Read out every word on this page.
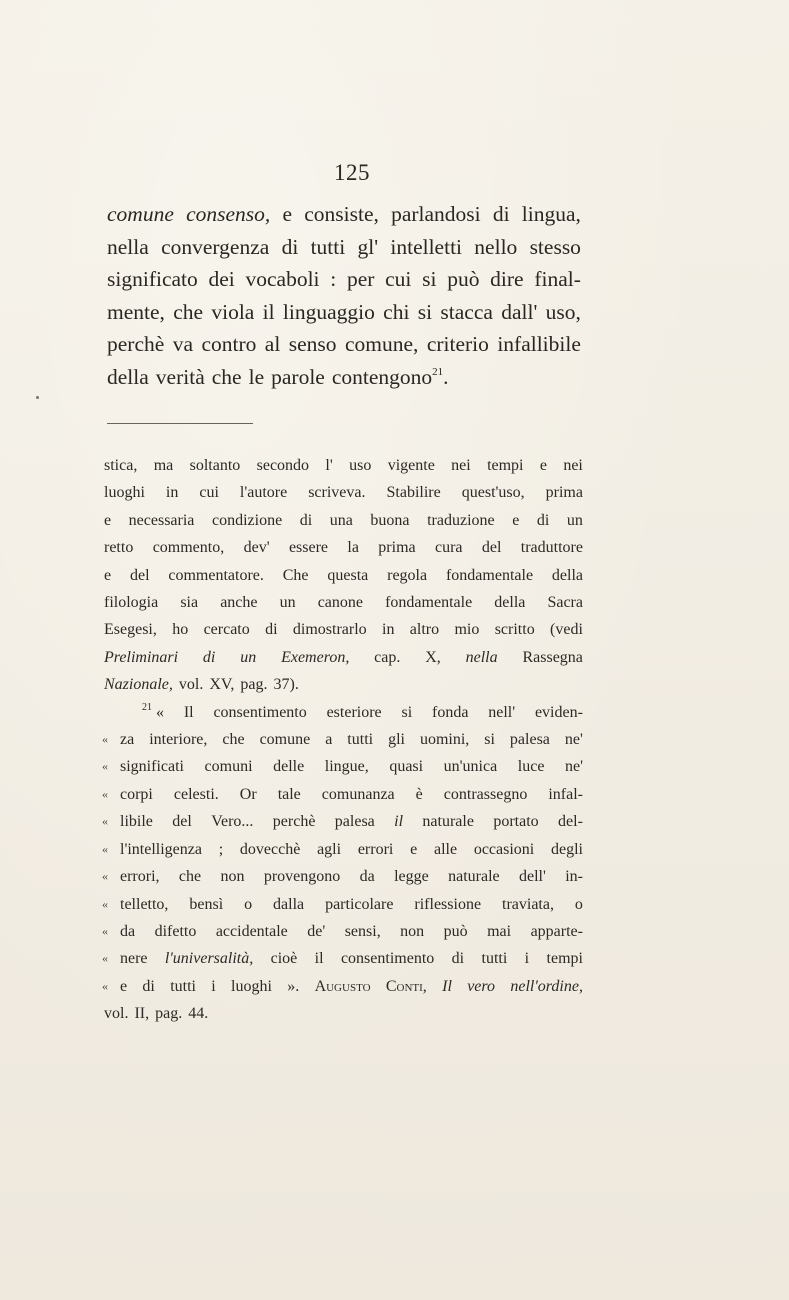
125
comune consenso, e consiste, parlandosi di lingua,
nella convergenza di tutti gl' intelletti nello stesso
significato dei vocaboli : per cui si può dire final-
mente, che viola il linguaggio chi si stacca dall' uso,
perchè va contro al senso comune, criterio infallibile
della verità che le parole contengono21.
stica, ma soltanto secondo l' uso vigente nei tempi e nei
luoghi in cui l'autore scriveva. Stabilire quest'uso, prima
e necessaria condizione di una buona traduzione e di un
retto commento, dev' essere la prima cura del traduttore
e del commentatore. Che questa regola fondamentale della
filologia sia anche un canone fondamentale della Sacra
Esegesi, ho cercato di dimostrarlo in altro mio scritto (vedi
Preliminari di un Exemeron, cap. X, nella Rassegna
Nazionale, vol. XV, pag. 37).
21 « Il consentimento esteriore si fonda nell' eviden-
« za interiore, che comune a tutti gli uomini, si palesa ne'
« significati comuni delle lingue, quasi un'unica luce ne'
« corpi celesti. Or tale comunanza è contrassegno infal-
« libile del Vero... perchè palesa il naturale portato del-
« l'intelligenza ; dovecchè agli errori e alle occasioni degli
« errori, che non provengono da legge naturale dell' in-
« telletto, bensì o dalla particolare riflessione traviata, o
« da difetto accidentale de' sensi, non può mai apparte-
« nere l'universalità, cioè il consentimento di tutti i tempi
« e di tutti i luoghi ». Augusto Conti, Il vero nell'ordine,
vol. II, pag. 44.
